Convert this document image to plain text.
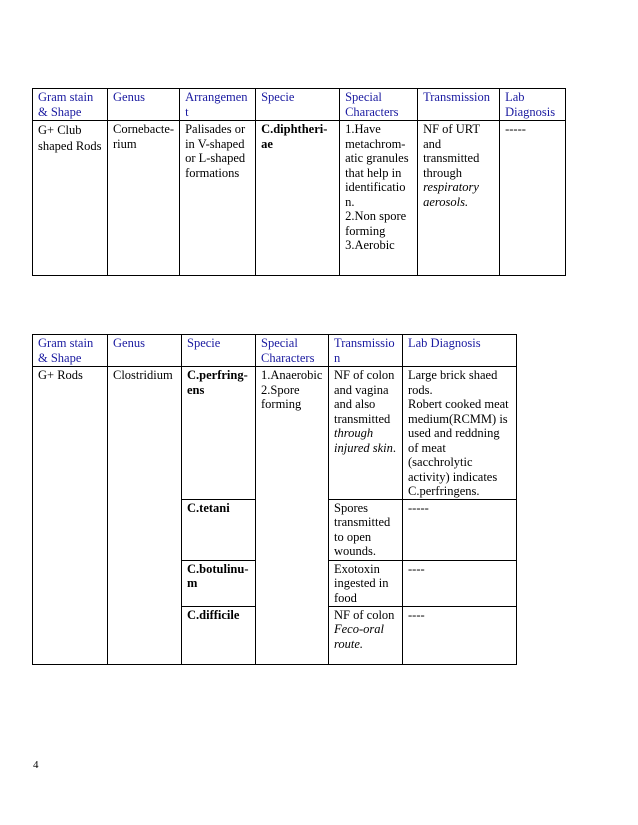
Gram stain & Shape	Genus	Arrangemen t	Specie	Special Characters	Transmission	Lab Diagnosis
G+ Club shaped Rods	Cornebacte-rium	Palisades or in V-shaped or L-shaped formations	C.diphtheri-ae	1.Have metachrom-atic granules that help in identificatio n.
2.Non spore forming
3.Aerobic	NF of URT and transmitted through respiratory aerosols.	-----
Gram stain & Shape	Genus	Specie	Special Characters	Transmissio n	Lab Diagnosis
G+ Rods	Clostridium	C.perfring-ens	1.Anaerobic
2.Spore forming	NF of colon and vagina and also transmitted through injured skin.	Large brick shaed rods.
Robert cooked meat medium(RCMM) is used and reddning of meat (sacchrolytic activity) indicates C.perfringens.
		C.tetani		Spores transmitted to open wounds.	-----
		C.botulinu-m		Exotoxin ingested in food	----
		C.difficile		NF of colon
Feco-oral route.	----
4
